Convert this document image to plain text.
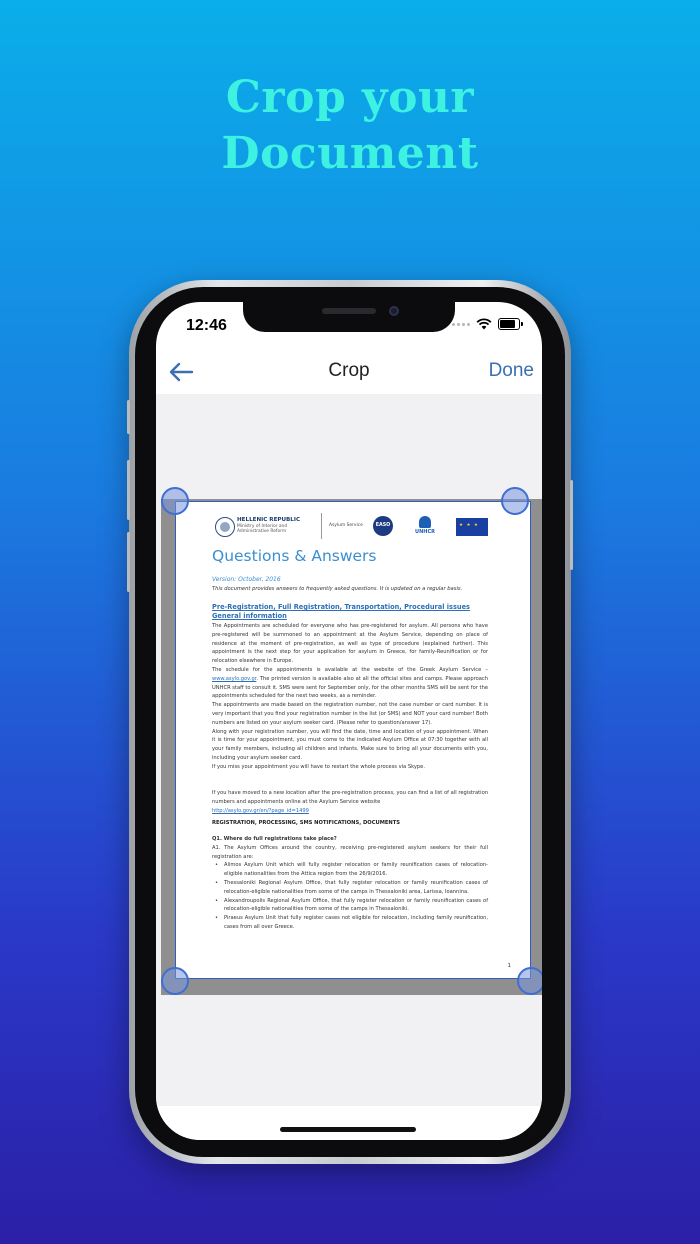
Crop your
Document
12:46
Crop	Done
HELLENIC REPUBLIC
Ministry of Interior and Administrative Reform
Asylum Service	EASO
UNHCR
★ ★ ★
Questions & Answers
Version: October, 2016
This document provides answers to frequently asked questions. It is updated on a regular basis.
Pre-Registration, Full Registration, Transportation, Procedural issues
General information

The Appointments are scheduled for everyone who has pre-registered for asylum. All persons who have pre-registered will be summoned to an appointment at the Asylum Service, depending on place of residence at the moment of pre-registration, as well as type of procedure (explained further). This appointment is the next step for your application for asylum in Greece, for family-Reunification or for relocation elsewhere in Europe.

The schedule for the appointments is available at the website of the Greek Asylum Service – www.asylo.gov.gr. The printed version is available also at all the official sites and camps. Please approach UNHCR staff to consult it. SMS were sent for September only, for the other months SMS will be sent for the appointments scheduled for the next two weeks, as a reminder.

The appointments are made based on the registration number, not the case number or card number. It is very important that you find your registration number in the list (or SMS) and NOT your card number! Both numbers are listed on your asylum seeker card. (Please refer to question/answer 17).

Along with your registration number, you will find the date, time and location of your appointment. When it is time for your appointment, you must come to the indicated Asylum Office at 07:30 together with all your family members, including all children and infants. Make sure to bring all your documents with you, including your asylum seeker card.

If you miss your appointment you will have to restart the whole process via Skype.

If you have moved to a new location after the pre-registration process, you can find a list of all registration numbers and appointments online at the Asylum Service website

http://asylo.gov.gr/en/?page_id=1499

REGISTRATION, PROCESSING, SMS NOTIFICATIONS, DOCUMENTS

Q1. Where do full registrations take place?

A1. The Asylum Offices around the country, receiving pre-registered asylum seekers for their full registration are:

• Alimos Asylum Unit which will fully register relocation or family reunification cases of relocation-eligible nationalities from the Attica region from the 26/9/2016.

• Thessaloniki Regional Asylum Office, that fully register relocation or family reunification cases of relocation-eligible nationalities from some of the camps in Thessaloniki area, Larissa, Ioannina.

• Alexandroupolis Regional Asylum Office, that fully register relocation or family reunification cases of relocation-eligible nationalities from some of the camps in Thessaloniki.

• Piraeus Asylum Unit that fully register cases not eligible for relocation, including family reunification, cases from all over Greece.

1
